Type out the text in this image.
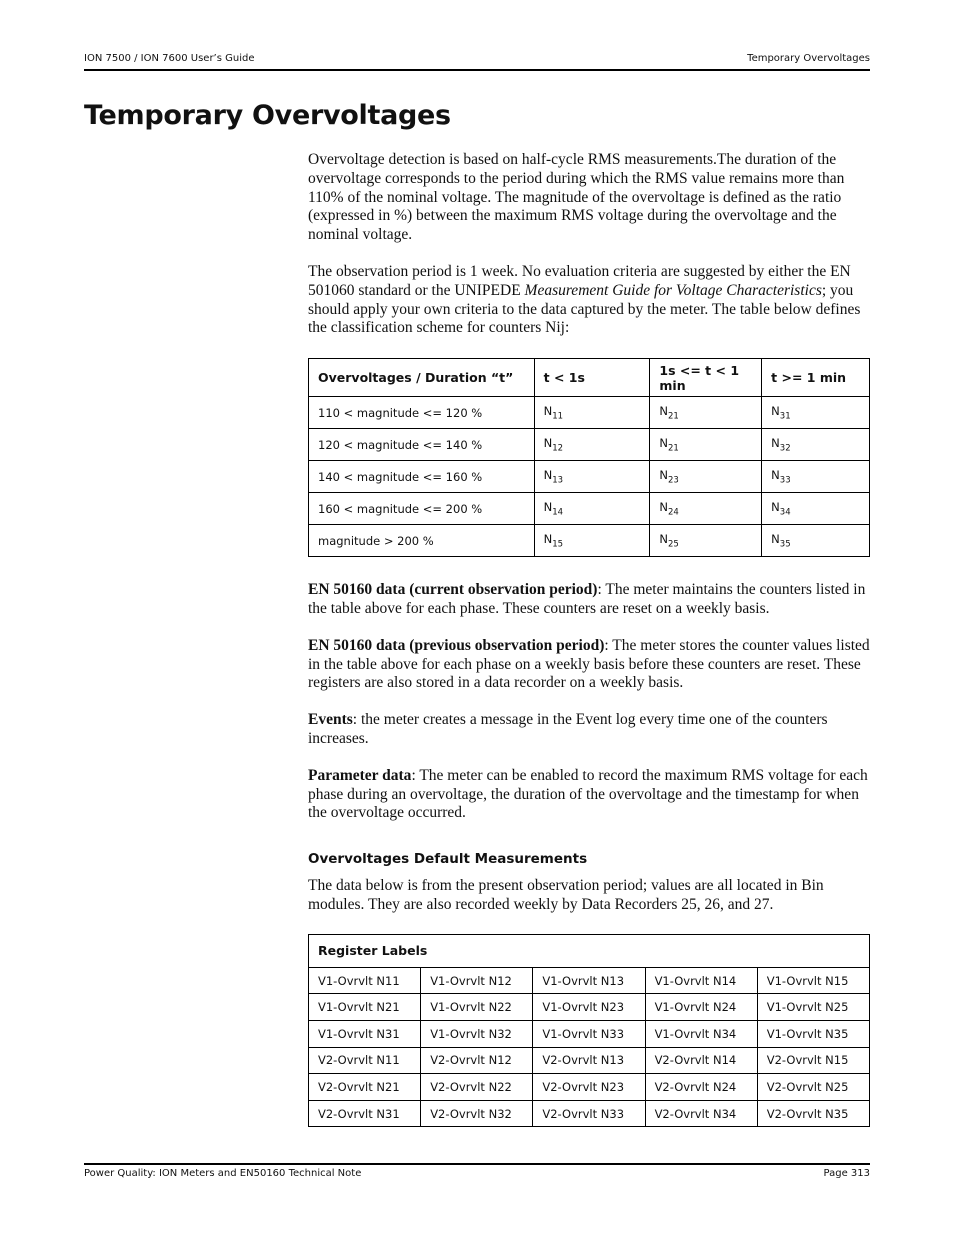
ION 7500 / ION 7600 User’s Guide	Temporary Overvoltages
Temporary Overvoltages

Overvoltage detection is based on half-cycle RMS measurements.The duration of the overvoltage corresponds to the period during which the RMS value remains more than 110% of the nominal voltage. The magnitude of the overvoltage is defined as the ratio (expressed in %) between the maximum RMS voltage during the overvoltage and the nominal voltage.

The observation period is 1 week. No evaluation criteria are suggested by either the EN 501060 standard or the UNIPEDE Measurement Guide for Voltage Characteristics; you should apply your own criteria to the data captured by the meter. The table below defines the classification scheme for counters Nij:

Overvoltages / Duration “t”	t < 1s	1s <= t < 1 min	t >= 1 min
110 < magnitude <= 120 %	$N_{11}$	$N_{21}$	$N_{31}$
120 < magnitude <= 140 %	$N_{12}$	$N_{21}$	$N_{32}$
140 < magnitude <= 160 %	$N_{13}$	$N_{23}$	$N_{33}$
160 < magnitude <= 200 %	$N_{14}$	$N_{24}$	$N_{34}$
magnitude > 200 %	$N_{15}$	$N_{25}$	$N_{35}$

EN 50160 data (current observation period): The meter maintains the counters listed in the table above for each phase. These counters are reset on a weekly basis.

EN 50160 data (previous observation period): The meter stores the counter values listed in the table above for each phase on a weekly basis before these counters are reset. These registers are also stored in a data recorder on a weekly basis.

Events: the meter creates a message in the Event log every time one of the counters increases.

Parameter data: The meter can be enabled to record the maximum RMS voltage for each phase during an overvoltage, the duration of the overvoltage and the timestamp for when the overvoltage occurred.

Overvoltages Default Measurements

The data below is from the present observation period; values are all located in Bin modules. They are also recorded weekly by Data Recorders 25, 26, and 27.

Register Labels				
V1-Ovrvlt N11	V1-Ovrvlt N12	V1-Ovrvlt N13	V1-Ovrvlt N14	V1-Ovrvlt N15
V1-Ovrvlt N21	V1-Ovrvlt N22	V1-Ovrvlt N23	V1-Ovrvlt N24	V1-Ovrvlt N25
V1-Ovrvlt N31	V1-Ovrvlt N32	V1-Ovrvlt N33	V1-Ovrvlt N34	V1-Ovrvlt N35
V2-Ovrvlt N11	V2-Ovrvlt N12	V2-Ovrvlt N13	V2-Ovrvlt N14	V2-Ovrvlt N15
V2-Ovrvlt N21	V2-Ovrvlt N22	V2-Ovrvlt N23	V2-Ovrvlt N24	V2-Ovrvlt N25
V2-Ovrvlt N31	V2-Ovrvlt N32	V2-Ovrvlt N33	V2-Ovrvlt N34	V2-Ovrvlt N35
Power Quality: ION Meters and EN50160 Technical Note	Page 313
